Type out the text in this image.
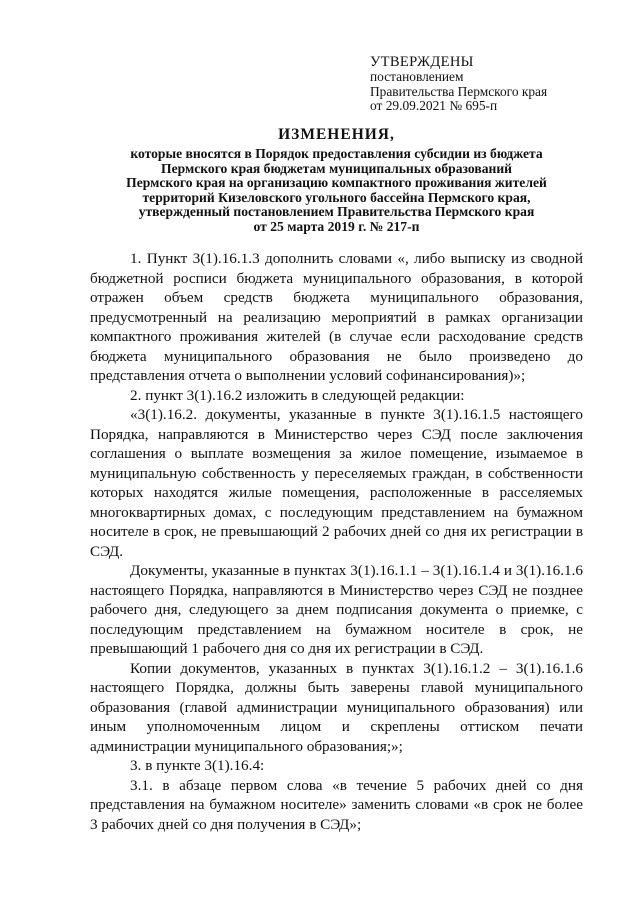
УТВЕРЖДЕНЫ
постановлением
Правительства Пермского края
от 29.09.2021 № 695-п
ИЗМЕНЕНИЯ,
которые вносятся в Порядок предоставления субсидии из бюджета
Пермского края бюджетам муниципальных образований
Пермского края на организацию компактного проживания жителей
территорий Кизеловского угольного бассейна Пермского края,
утвержденный постановлением Правительства Пермского края
от 25 марта 2019 г. № 217-п

1. Пункт 3(1).16.1.3 дополнить словами «, либо выписку из сводной бюджетной росписи бюджета муниципального образования, в которой отражен объем средств бюджета муниципального образования, предусмотренный на реализацию мероприятий в рамках организации компактного проживания жителей (в случае если расходование средств бюджета муниципального образования не было произведено до представления отчета о выполнении условий софинансирования)»;

2. пункт 3(1).16.2 изложить в следующей редакции:

«3(1).16.2. документы, указанные в пункте 3(1).16.1.5 настоящего Порядка, направляются в Министерство через СЭД после заключения соглашения о выплате возмещения за жилое помещение, изымаемое в муниципальную собственность у переселяемых граждан, в собственности которых находятся жилые помещения, расположенные в расселяемых многоквартирных домах, с последующим представлением на бумажном носителе в срок, не превышающий 2 рабочих дней со дня их регистрации в СЭД.

Документы, указанные в пунктах 3(1).16.1.1 – 3(1).16.1.4 и 3(1).16.1.6 настоящего Порядка, направляются в Министерство через СЭД не позднее рабочего дня, следующего за днем подписания документа о приемке, с последующим представлением на бумажном носителе в срок, не превышающий 1 рабочего дня со дня их регистрации в СЭД.

Копии документов, указанных в пунктах 3(1).16.1.2 – 3(1).16.1.6 настоящего Порядка, должны быть заверены главой муниципального образования (главой администрации муниципального образования) или иным уполномоченным лицом и скреплены оттиском печати администрации муниципального образования;»;

3. в пункте 3(1).16.4:

3.1. в абзаце первом слова «в течение 5 рабочих дней со дня представления на бумажном носителе» заменить словами «в срок не более 3 рабочих дней со дня получения в СЭД»;
